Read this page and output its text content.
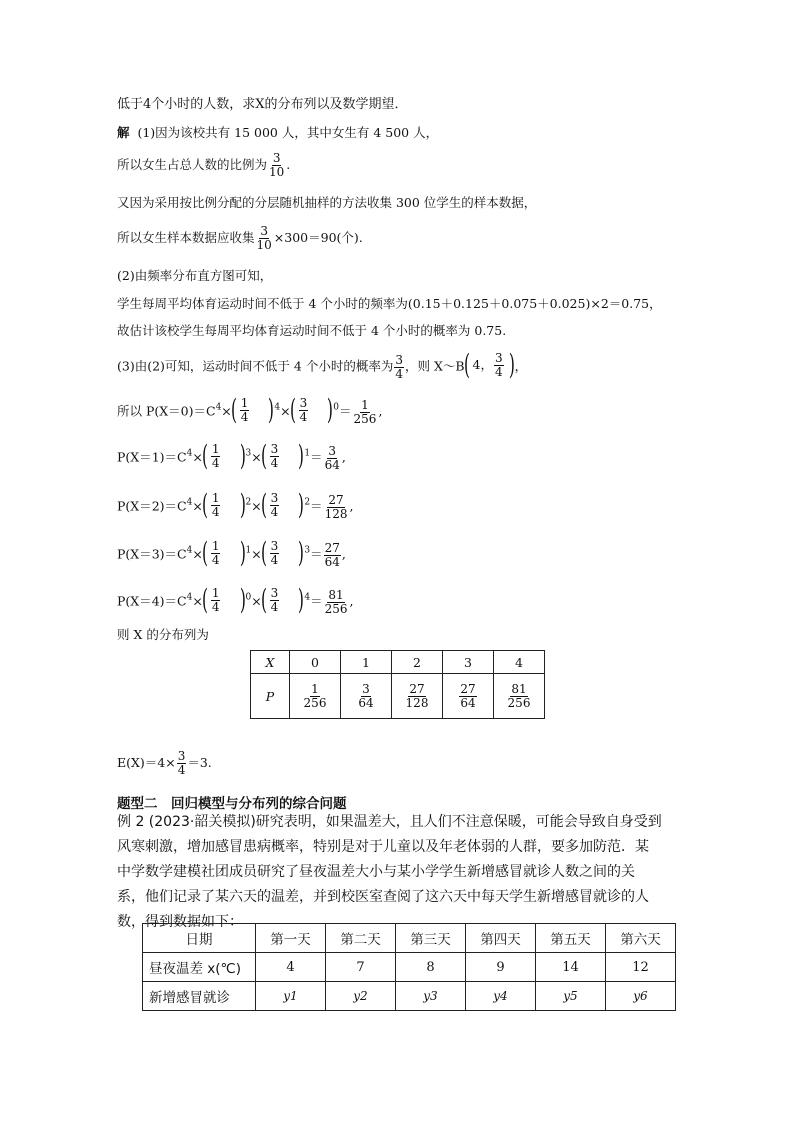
低于4个小时的人数，求X的分布列以及数学期望．
解 (1)因为该校共有 15 000 人，其中女生有 4 500 人，
所以女生占总人数的比例为 $\frac{3}{10}$ .
又因为采用按比例分配的分层随机抽样的方法收集 300 位学生的样本数据，
所以女生样本数据应收集 $\frac{3}{10} \times 300=90$(个).
(2)由频率分布直方图可知，
学生每周平均体育运动时间不低于 4 个小时的频率为(0.15＋0.125＋0.075＋0.025)×2＝0.75，
故估计该校学生每周平均体育运动时间不低于 4 个小时的概率为 0.75.
(3)由(2)可知，运动时间不低于 4 个小时的概率为 $\frac{3}{4}$ ，则 X～B ( 4， $\frac{3}{4}$
) ，
所以 $P(X=0)=C^4\times$ ( $\frac{1}{4}$
)	$^4$× ( $\frac{3}{4}$
)	$^0= \frac{1}{256}$ ,
$P(X=1)=C^4\times$ ( $\frac{1}{4}$
)	$^3$× ( $\frac{3}{4}$
)	$^1= \frac{3}{64}$ ,
$P(X=2)=C^4\times$ ( $\frac{1}{4}$
)	$^2$× ( $\frac{3}{4}$
)	$^2= \frac{27}{128}$ ,
$P(X=3)=C^4\times$ ( $\frac{1}{4}$
)	$^1$× ( $\frac{3}{4}$
)	$^3= \frac{27}{64}$ ,
$P(X=4)=C^4\times$ ( $\frac{1}{4}$
)	$^0$× ( $\frac{3}{4}$
)	$^4= \frac{81}{256}$ ,
则 X 的分布列为
X	0	1	2	3	4
P	$\frac{1}{256}$	$\frac{3}{64}$	$\frac{27}{128}$	$\frac{27}{64}$	$\frac{81}{256}$
$E(X)=4\times \frac{3}{4} =3$.
题型二　回归模型与分布列的综合问题
例 2 (2023·韶关模拟)研究表明，如果温差大，且人们不注意保暖，可能会导致自身受到风寒刺激，增加感冒患病概率，特别是对于儿童以及年老体弱的人群，要多加防范．某中学数学建模社团成员研究了昼夜温差大小与某小学学生新增感冒就诊人数之间的关系，他们记录了某六天的温差，并到校医室查阅了这六天中每天学生新增感冒就诊的人数，得到数据如下：
日期	第一天	第二天	第三天	第四天	第五天	第六天
昼夜温差 x(℃)	4	7	8	9	14	12
新增感冒就诊	y1	y2	y3	y4	y5	y6
